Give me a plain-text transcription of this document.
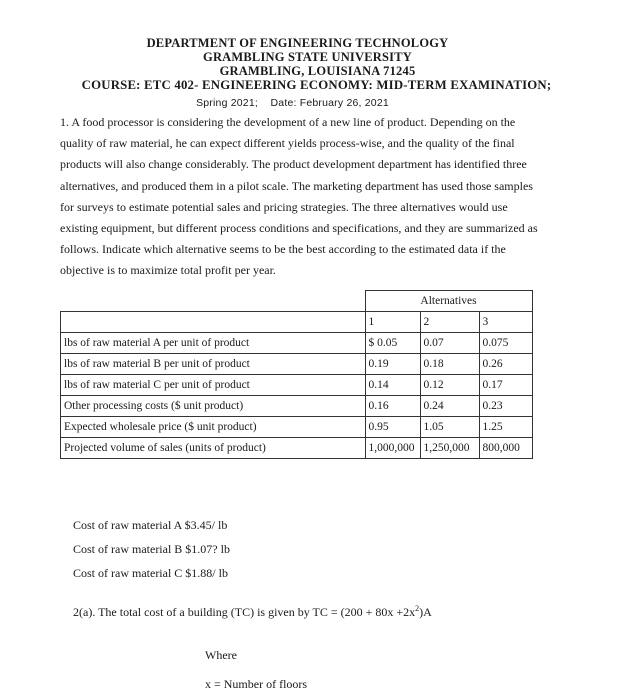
DEPARTMENT OF ENGINEERING TECHNOLOGY
GRAMBLING STATE UNIVERSITY
GRAMBLING, LOUISIANA 71245
COURSE: ETC 402- ENGINEERING ECONOMY: MID-TERM EXAMINATION;
Spring 2021; Date: February 26, 2021
1. A food processor is considering the development of a new line of product. Depending on the quality of raw material, he can expect different yields process-wise, and the quality of the final products will also change considerably. The product development department has identified three alternatives, and produced them in a pilot scale. The marketing department has used those samples for surveys to estimate potential sales and pricing strategies. The three alternatives would use existing equipment, but different process conditions and specifications, and they are summarized as follows. Indicate which alternative seems to be the best according to the estimated data if the objective is to maximize total profit per year.
	Alternatives		
	1	2	3
lbs of raw material A per unit of product	$ 0.05	0.07	0.075
lbs of raw material B per unit of product	0.19	0.18	0.26
lbs of raw material C per unit of product	0.14	0.12	0.17
Other processing costs ($ unit product)	0.16	0.24	0.23
Expected wholesale price ($ unit product)	0.95	1.05	1.25
Projected volume of sales (units of product)	1,000,000	1,250,000	800,000
Cost of raw material A $3.45/ lb
Cost of raw material B $1.07? lb
Cost of raw material C $1.88/ lb
2(a). The total cost of a building (TC) is given by TC = $(200 + 80x +2x^2)A$
Where
x = Number of floors
